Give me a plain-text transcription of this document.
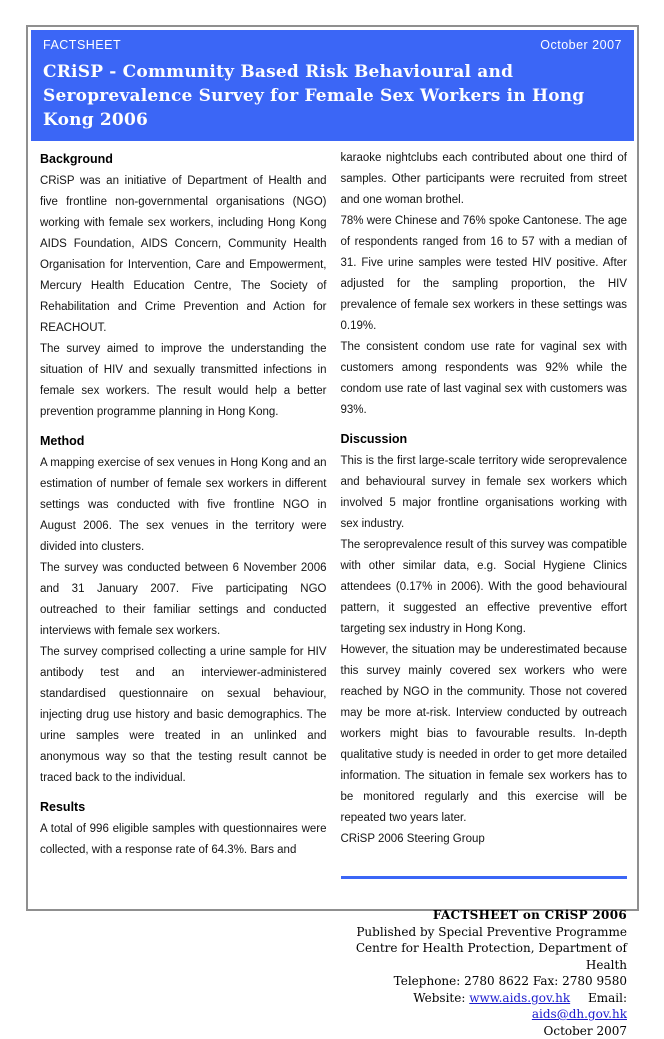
FACTSHEET	October 2007
CRiSP - Community Based Risk Behavioural and Seroprevalence Survey for Female Sex Workers in Hong Kong 2006
Background

CRiSP was an initiative of Department of Health and five frontline non-governmental organisations (NGO) working with female sex workers, including Hong Kong AIDS Foundation, AIDS Concern, Community Health Organisation for Intervention, Care and Empowerment, Mercury Health Education Centre, The Society of Rehabilitation and Crime Prevention and Action for REACHOUT.

The survey aimed to improve the understanding the situation of HIV and sexually transmitted infections in female sex workers. The result would help a better prevention programme planning in Hong Kong.

Method

A mapping exercise of sex venues in Hong Kong and an estimation of number of female sex workers in different settings was conducted with five frontline NGO in August 2006. The sex venues in the territory were divided into clusters.

The survey was conducted between 6 November 2006 and 31 January 2007. Five participating NGO outreached to their familiar settings and conducted interviews with female sex workers.

The survey comprised collecting a urine sample for HIV antibody test and an interviewer-administered standardised questionnaire on sexual behaviour, injecting drug use history and basic demographics. The urine samples were treated in an unlinked and anonymous way so that the testing result cannot be traced back to the individual.

Results

A total of 996 eligible samples with questionnaires were collected, with a response rate of 64.3%. Bars and

karaoke nightclubs each contributed about one third of samples. Other participants were recruited from street and one woman brothel.

78% were Chinese and 76% spoke Cantonese. The age of respondents ranged from 16 to 57 with a median of 31. Five urine samples were tested HIV positive. After adjusted for the sampling proportion, the HIV prevalence of female sex workers in these settings was 0.19%.

The consistent condom use rate for vaginal sex with customers among respondents was 92% while the condom use rate of last vaginal sex with customers was 93%.

Discussion

This is the first large-scale territory wide seroprevalence and behavioural survey in female sex workers which involved 5 major frontline organisations working with sex industry.

The seroprevalence result of this survey was compatible with other similar data, e.g. Social Hygiene Clinics attendees (0.17% in 2006). With the good behavioural pattern, it suggested an effective preventive effort targeting sex industry in Hong Kong.

However, the situation may be underestimated because this survey mainly covered sex workers who were reached by NGO in the community. Those not covered may be more at-risk. Interview conducted by outreach workers might bias to favourable results. In-depth qualitative study is needed in order to get more detailed information. The situation in female sex workers has to be monitored regularly and this exercise will be repeated two years later.

CRiSP 2006 Steering Group

FACTSHEET on CRiSP 2006
Published by Special Preventive Programme
Centre for Health Protection, Department of Health
Telephone: 2780 8622 Fax: 2780 9580
Website: www.aids.gov.hk Email: aids@dh.gov.hk
October 2007
